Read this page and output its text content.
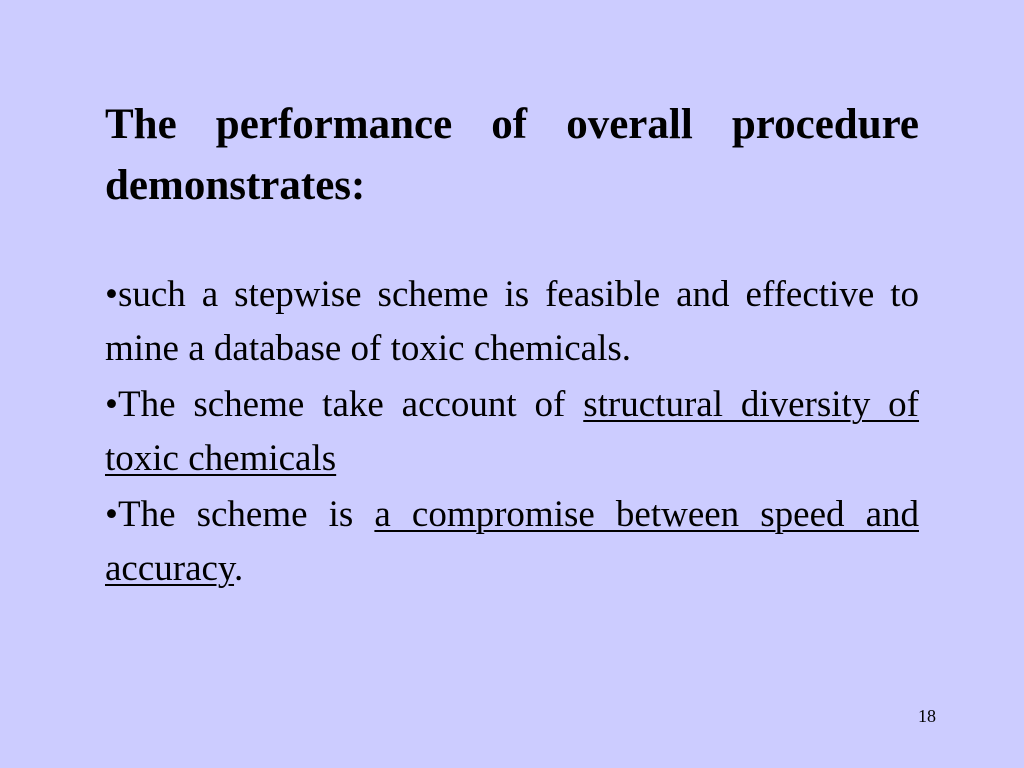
The performance of overall procedure demonstrates:

•such a stepwise scheme is feasible and effective to mine a database of toxic chemicals.

•The scheme take account of structural diversity of toxic chemicals

•The scheme is a compromise between speed and accuracy.

18
